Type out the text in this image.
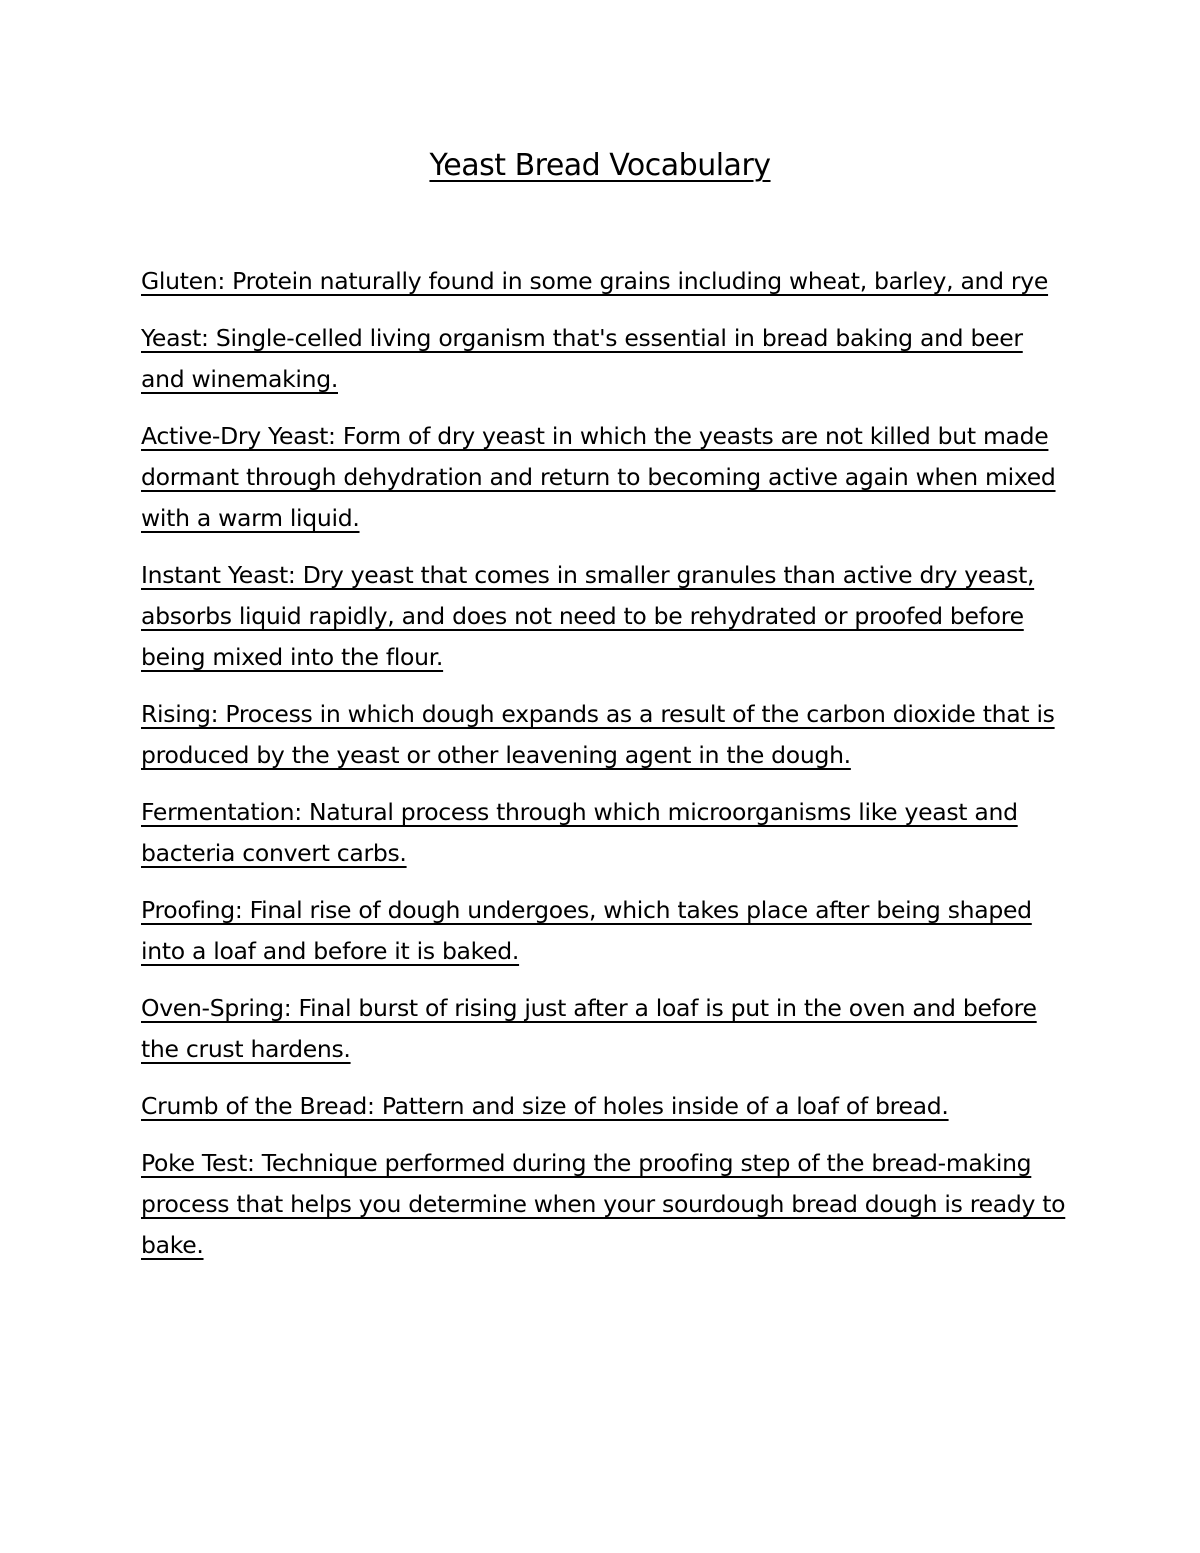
Yeast Bread Vocabulary
Gluten: Protein naturally found in some grains including wheat, barley, and rye
Yeast: Single-celled living organism that's essential in bread baking and beer and winemaking.
Active-Dry Yeast: Form of dry yeast in which the yeasts are not killed but made dormant through dehydration and return to becoming active again when mixed with a warm liquid.
Instant Yeast: Dry yeast that comes in smaller granules than active dry yeast, absorbs liquid rapidly, and does not need to be rehydrated or proofed before being mixed into the flour.
Rising: Process in which dough expands as a result of the carbon dioxide that is produced by the yeast or other leavening agent in the dough.
Fermentation: Natural process through which microorganisms like yeast and bacteria convert carbs.
Proofing: Final rise of dough undergoes, which takes place after being shaped into a loaf and before it is baked.
Oven-Spring: Final burst of rising just after a loaf is put in the oven and before the crust hardens.
Crumb of the Bread: Pattern and size of holes inside of a loaf of bread.
Poke Test: Technique performed during the proofing step of the bread-making process that helps you determine when your sourdough bread dough is ready to bake.
